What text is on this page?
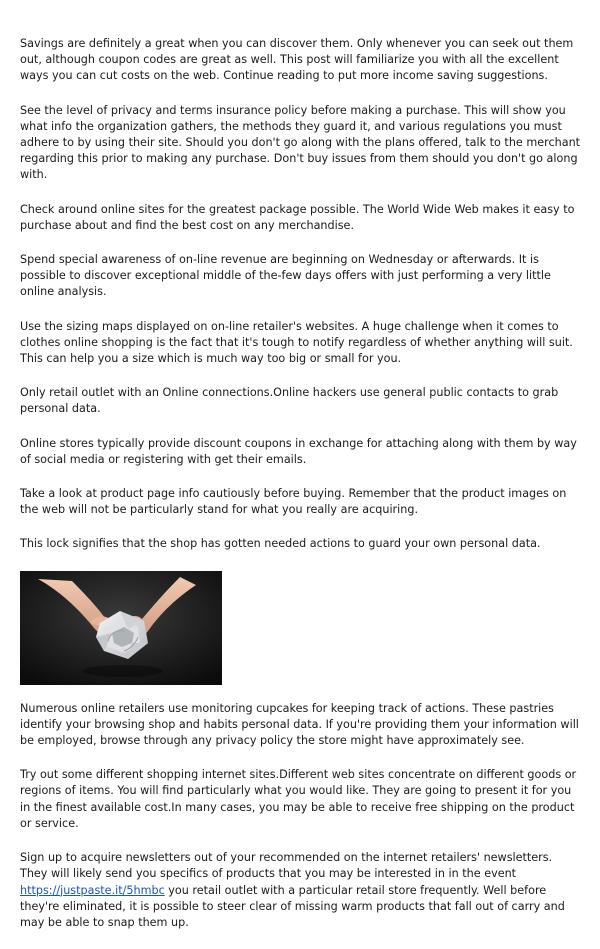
Savings are definitely a great when you can discover them. Only whenever you can seek out them out, although coupon codes are great as well. This post will familiarize you with all the excellent ways you can cut costs on the web. Continue reading to put more income saving suggestions.

See the level of privacy and terms insurance policy before making a purchase. This will show you what info the organization gathers, the methods they guard it, and various regulations you must adhere to by using their site. Should you don't go along with the plans offered, talk to the merchant regarding this prior to making any purchase. Don't buy issues from them should you don't go along with.

Check around online sites for the greatest package possible. The World Wide Web makes it easy to purchase about and find the best cost on any merchandise.

Spend special awareness of on-line revenue are beginning on Wednesday or afterwards. It is possible to discover exceptional middle of the-few days offers with just performing a very little online analysis.

Use the sizing maps displayed on on-line retailer's websites. A huge challenge when it comes to clothes online shopping is the fact that it's tough to notify regardless of whether anything will suit. This can help you a size which is much way too big or small for you.

Only retail outlet with an Online connections.Online hackers use general public contacts to grab personal data.

Online stores typically provide discount coupons in exchange for attaching along with them by way of social media or registering with get their emails.

Take a look at product page info cautiously before buying. Remember that the product images on the web will not be particularly stand for what you really are acquiring.

This lock signifies that the shop has gotten needed actions to guard your own personal data.

Numerous online retailers use monitoring cupcakes for keeping track of actions. These pastries identify your browsing shop and habits personal data. If you're providing them your information will be employed, browse through any privacy policy the store might have approximately see.

Try out some different shopping internet sites.Different web sites concentrate on different goods or regions of items. You will find particularly what you would like. They are going to present it for you in the finest available cost.In many cases, you may be able to receive free shipping on the product or service.

Sign up to acquire newsletters out of your recommended on the internet retailers' newsletters. They will likely send you specifics of products that you may be interested in in the event https://justpaste.it/5hmbc you retail outlet with a particular retail store frequently. Well before they're eliminated, it is possible to steer clear of missing warm products that fall out of carry and may be able to snap them up.
